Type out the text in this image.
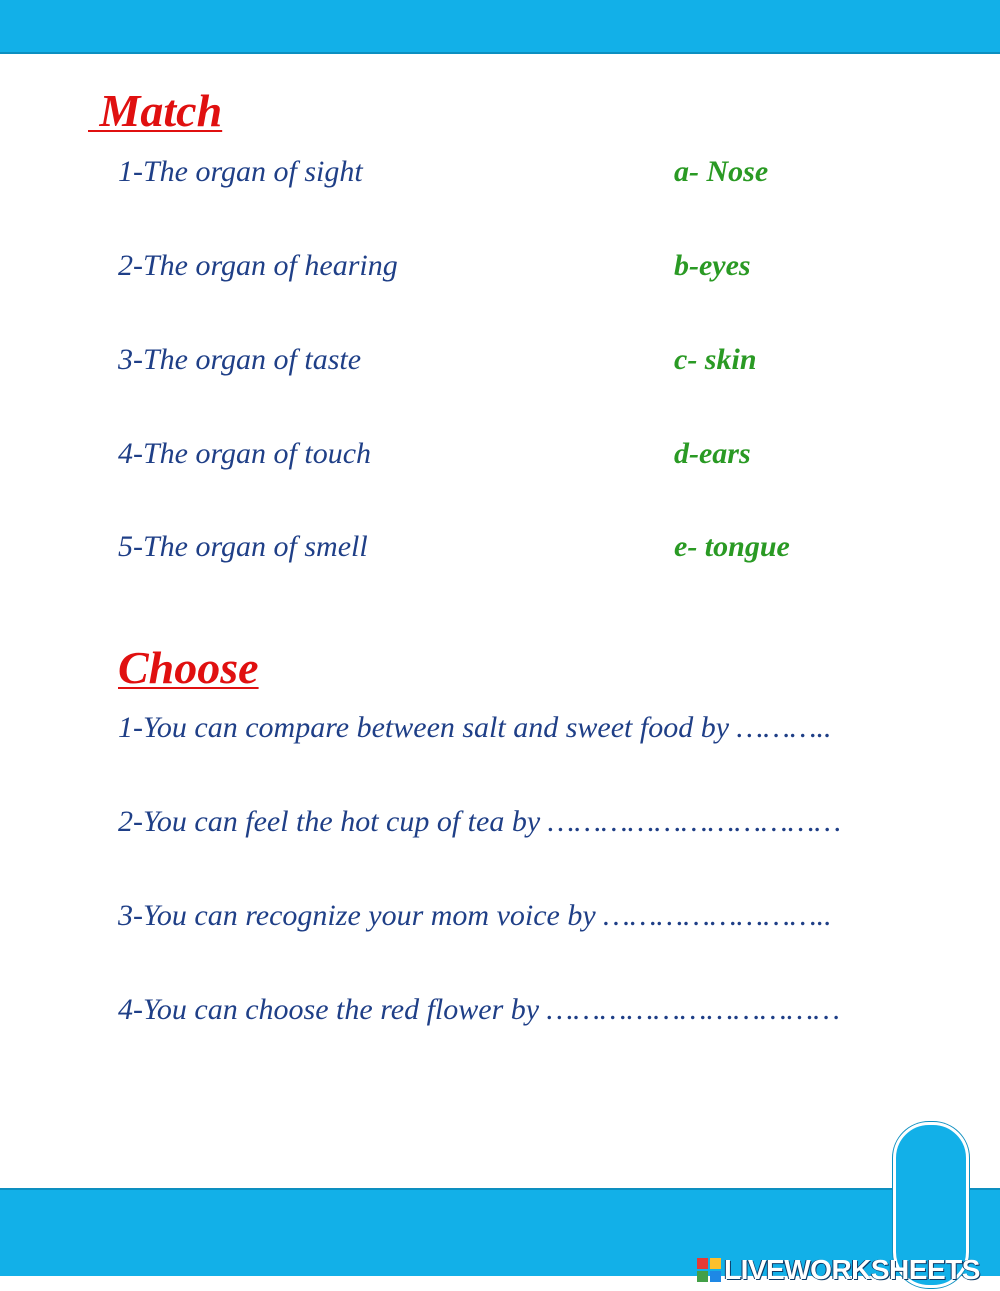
Match

1-The organ of sight

2-The organ of hearing

3-The organ of taste

4-The organ of touch

5-The organ of smell

a- Nose

b-eyes

c- skin

d-ears

e- tongue

Choose

1-You can compare between salt and sweet food by ………..

2-You can feel the hot cup of tea by ……………………………

3-You can recognize your mom voice by ……………………..

4-You can choose the red flower by ……………………………

LIVEWORKSHEETS
